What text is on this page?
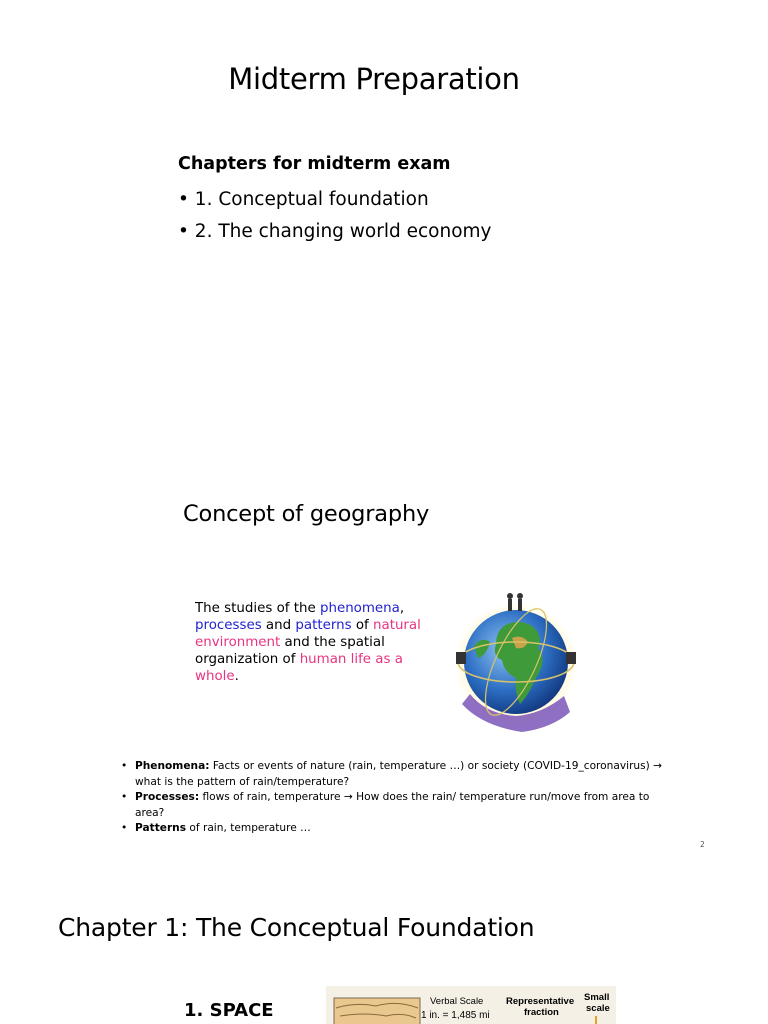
Midterm Preparation
Chapters for midterm exam
• 1. Conceptual foundation
• 2. The changing world economy
Concept of geography
The studies of the phenomena,
processes and patterns of natural environment and the spatial organization of human life as a whole.
• Phenomena: Facts or events of nature (rain, temperature …) or society (COVID-19_coronavirus) → what is the pattern of rain/temperature?
• Processes: flows of rain, temperature → How does the rain/ temperature run/move from area to area?
• Patterns of rain, temperature …
2
Chapter 1: The Conceptual Foundation
1. SPACE	Verbal Scale
1 in. = 1,485 mi
Representative
fraction
Small
scale
